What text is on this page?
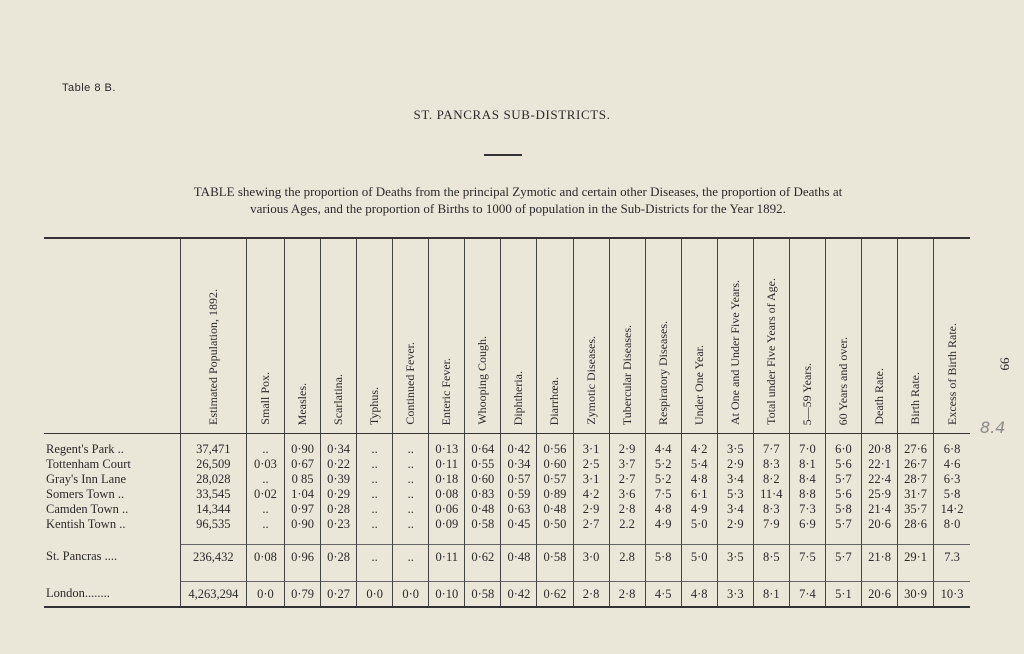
Table 8 B.
ST. PANCRAS SUB-DISTRICTS.
TABLE shewing the proportion of Deaths from the principal Zymotic and certain other Diseases, the proportion of Deaths at
various Ages, and the proportion of Births to 1000 of population in the Sub-Districts for the Year 1892.
	Estimated Population, 1892.	Small Pox.	Measles.	Scarlatina.	Typhus.	Continued Fever.	Enteric Fever.	Whooping Cough.	Diphtheria.	Diarrhœa.	Zymotic Diseases.	Tubercular Diseases.	Respiratory Diseases.	Under One Year.	At One and Under Five Years.	Total under Five Years of Age.	5—59 Years.	60 Years and over.	Death Rate.	Birth Rate.	Excess of Birth Rate.
Regent's Park ..	37,471	..	0·90	0·34	..	..	0·13	0·64	0·42	0·56	3·1	2·9	4·4	4·2	3·5	7·7	7·0	6·0	20·8	27·6	6·8
Tottenham Court	26,509	0·03	0·67	0·22	..	..	0·11	0·55	0·34	0·60	2·5	3·7	5·2	5·4	2·9	8·3	8·1	5·6	22·1	26·7	4·6
Gray's Inn Lane	28,028	..	0 85	0·39	..	..	0·18	0·60	0·57	0·57	3·1	2·7	5·2	4·8	3·4	8·2	8·4	5·7	22·4	28·7	6·3
Somers Town ..	33,545	0·02	1·04	0·29	..	..	0·08	0·83	0·59	0·89	4·2	3·6	7·5	6·1	5·3	11·4	8·8	5·6	25·9	31·7	5·8
Camden Town ..	14,344	..	0·97	0·28	..	..	0·06	0·48	0·63	0·48	2·9	2·8	4·8	4·9	3·4	8·3	7·3	5·8	21·4	35·7	14·2
Kentish Town ..	96,535	..	0·90	0·23	..	..	0·09	0·58	0·45	0·50	2·7	2.2	4·9	5·0	2·9	7·9	6·9	5·7	20·6	28·6	8·0

St. Pancras ....	236,432	0·08	0·96	0·28	..	..	0·11	0·62	0·48	0·58	3·0	2.8	5·8	5·0	3·5	8·5	7·5	5·7	21·8	29·1	7.3

London........	4,263,294	0·0	0·79	0·27	0·0	0·0	0·10	0·58	0·42	0·62	2·8	2·8	4·5	4·8	3·3	8·1	7·4	5·1	20·6	30·9	10·3
99
8.4
